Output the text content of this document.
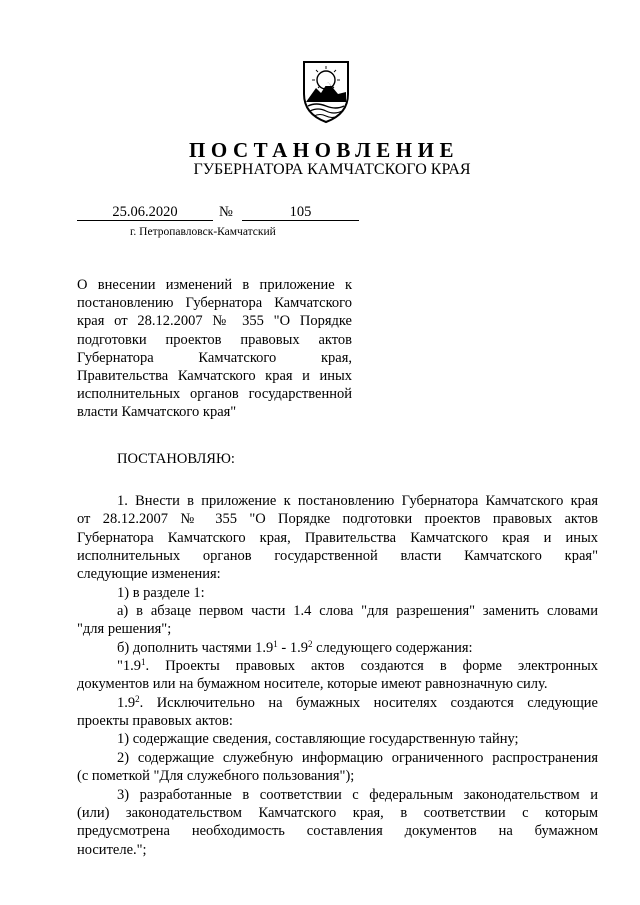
ПОСТАНОВЛЕНИЕ
ГУБЕРНАТОРА КАМЧАТСКОГО КРАЯ
25.06.2020	№	105
г. Петропавловск-Камчатский
О внесении изменений в приложение к
постановлению Губернатора Камчатского
края от 28.12.2007 № 355 "О Порядке
подготовки проектов правовых актов
Губернатора Камчатского края,
Правительства Камчатского края и иных
исполнительных органов государственной
власти Камчатского края"
ПОСТАНОВЛЯЮ:
1. Внести в приложение к постановлению Губернатора Камчатского края
от 28.12.2007 № 355 "О Порядке подготовки проектов правовых актов
Губернатора Камчатского края, Правительства Камчатского края и иных
исполнительных органов государственной власти Камчатского края"
следующие изменения:
1) в разделе 1:
а) в абзаце первом части 1.4 слова "для разрешения" заменить словами
"для решения";
б) дополнить частями $1.9^1 - 1.9^2$ следующего содержания:
"$1.9^1$. Проекты правовых актов создаются в форме электронных
документов или на бумажном носителе, которые имеют равнозначную силу.
$1.9^2$. Исключительно на бумажных носителях создаются следующие
проекты правовых актов:
1) содержащие сведения, составляющие государственную тайну;
2) содержащие служебную информацию ограниченного распространения
(с пометкой "Для служебного пользования");
3) разработанные в соответствии с федеральным законодательством и
(или) законодательством Камчатского края, в соответствии с которым
предусмотрена необходимость составления документов на бумажном
носителе.";
